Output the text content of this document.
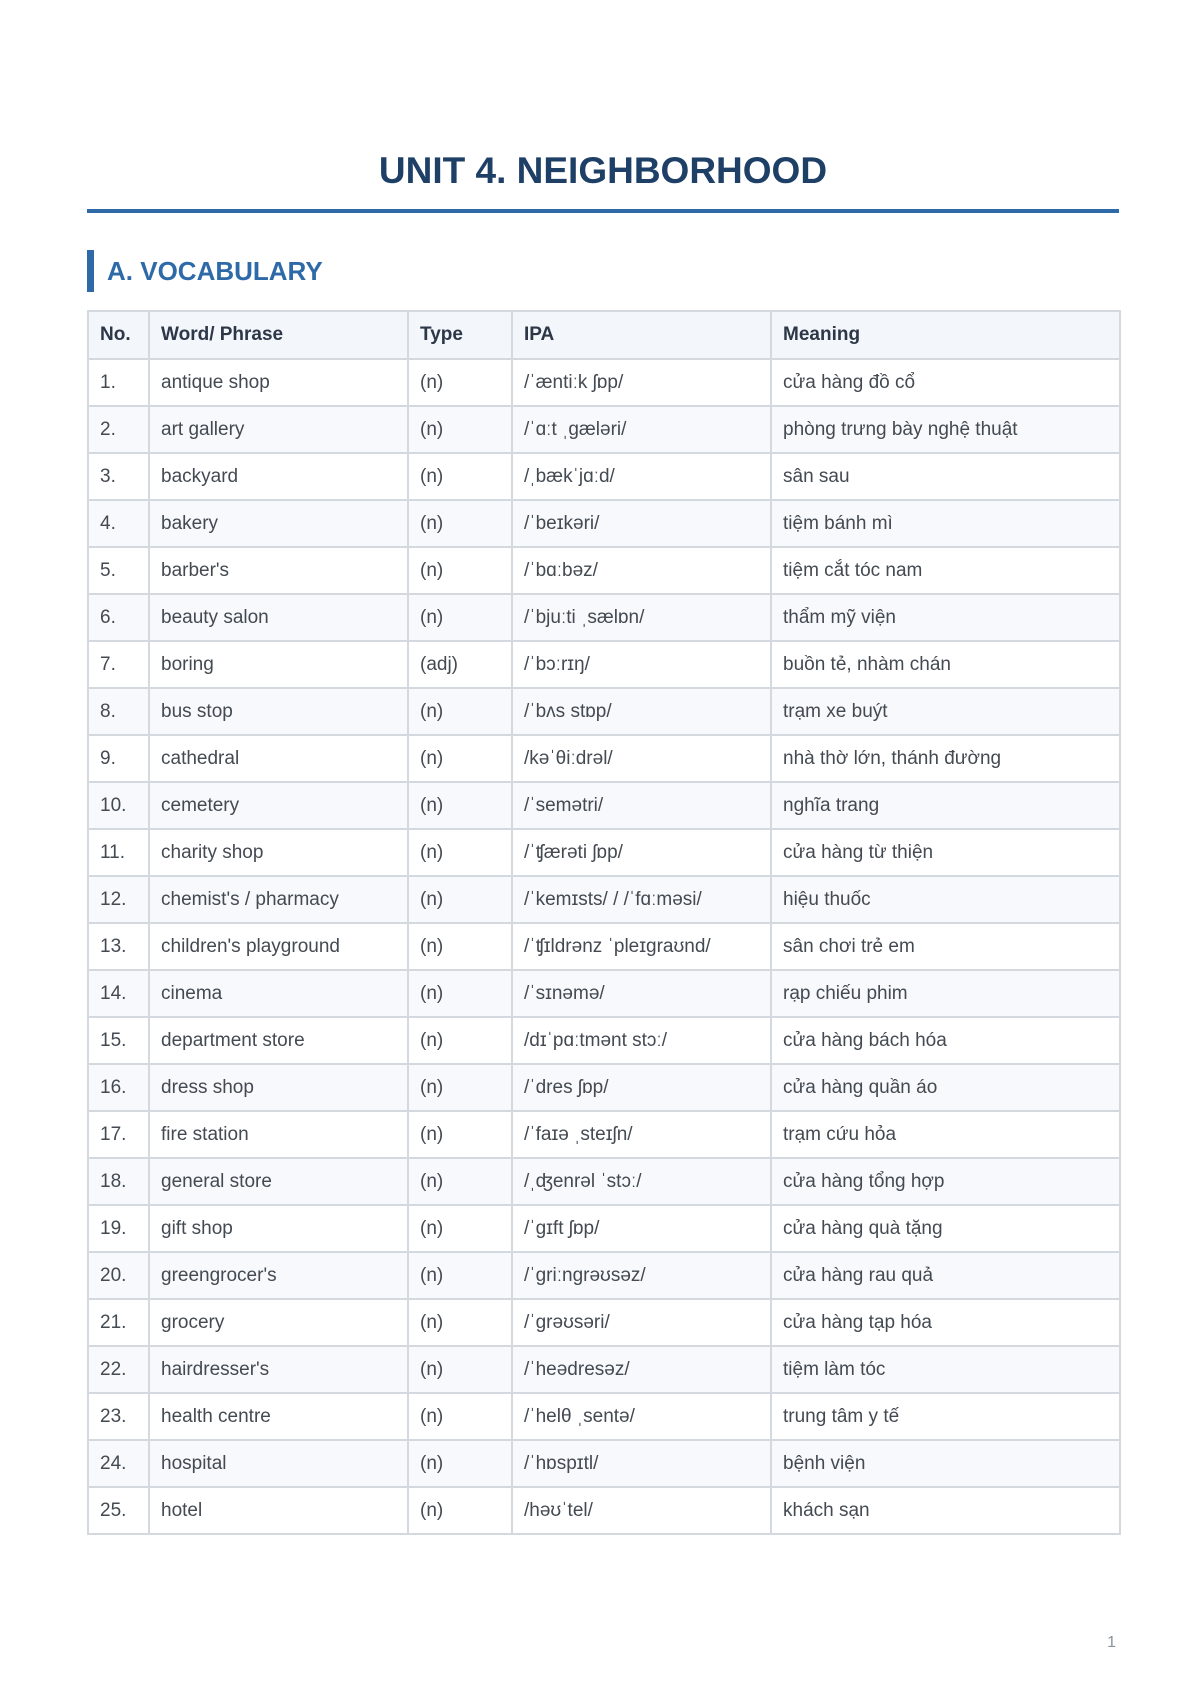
UNIT 4. NEIGHBORHOOD
A. VOCABULARY
No.	Word/ Phrase	Type	IPA	Meaning
1.	antique shop	(n)	/ˈæntiːk ʃɒp/	cửa hàng đồ cổ
2.	art gallery	(n)	/ˈɑːt ˌɡæləri/	phòng trưng bày nghệ thuật
3.	backyard	(n)	/ˌbækˈjɑːd/	sân sau
4.	bakery	(n)	/ˈbeɪkəri/	tiệm bánh mì
5.	barber's	(n)	/ˈbɑːbəz/	tiệm cắt tóc nam
6.	beauty salon	(n)	/ˈbjuːti ˌsælɒn/	thẩm mỹ viện
7.	boring	(adj)	/ˈbɔːrɪŋ/	buồn tẻ, nhàm chán
8.	bus stop	(n)	/ˈbʌs stɒp/	trạm xe buýt
9.	cathedral	(n)	/kəˈθiːdrəl/	nhà thờ lớn, thánh đường
10.	cemetery	(n)	/ˈsemətri/	nghĩa trang
11.	charity shop	(n)	/ˈʧærəti ʃɒp/	cửa hàng từ thiện
12.	chemist's / pharmacy	(n)	/ˈkemɪsts/ / /ˈfɑːməsi/	hiệu thuốc
13.	children's playground	(n)	/ˈʧɪldrənz ˈpleɪɡraʊnd/	sân chơi trẻ em
14.	cinema	(n)	/ˈsɪnəmə/	rạp chiếu phim
15.	department store	(n)	/dɪˈpɑːtmənt stɔː/	cửa hàng bách hóa
16.	dress shop	(n)	/ˈdres ʃɒp/	cửa hàng quần áo
17.	fire station	(n)	/ˈfaɪə ˌsteɪʃn/	trạm cứu hỏa
18.	general store	(n)	/ˌʤenrəl ˈstɔː/	cửa hàng tổng hợp
19.	gift shop	(n)	/ˈɡɪft ʃɒp/	cửa hàng quà tặng
20.	greengrocer's	(n)	/ˈɡriːnɡrəʊsəz/	cửa hàng rau quả
21.	grocery	(n)	/ˈɡrəʊsəri/	cửa hàng tạp hóa
22.	hairdresser's	(n)	/ˈheədresəz/	tiệm làm tóc
23.	health centre	(n)	/ˈhelθ ˌsentə/	trung tâm y tế
24.	hospital	(n)	/ˈhɒspɪtl/	bệnh viện
25.	hotel	(n)	/həʊˈtel/	khách sạn
1
